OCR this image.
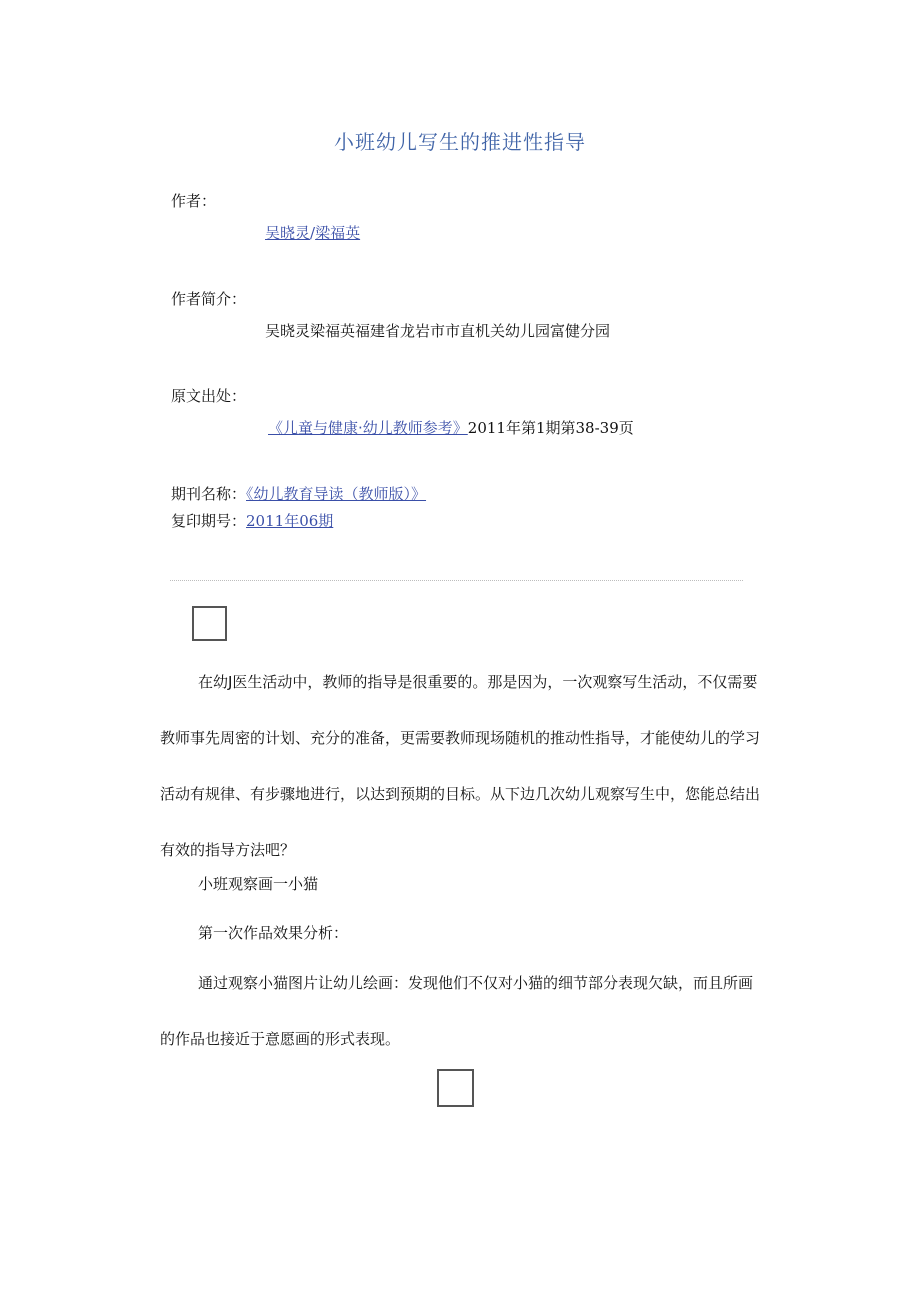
小班幼儿写生的推进性指导
作者：
吴晓灵/梁福英
作者简介：
吴晓灵梁福英福建省龙岩市市直机关幼儿园富健分园
原文出处：
《儿童与健康·幼儿教师参考》2011年第1期第38-39页
期刊名称：《幼儿教育导读（教师版）》
复印期号：2011年06期

在幼J医生活动中，教师的指导是很重要的。那是因为，一次观察写生活动，不仅需要教师事先周密的计划、充分的准备，更需要教师现场随机的推动性指导，才能使幼儿的学习活动有规律、有步骤地进行，以达到预期的目标。从下边几次幼儿观察写生中，您能总结出有效的指导方法吧？

小班观察画一小猫
第一次作品效果分析：

通过观察小猫图片让幼儿绘画：发现他们不仅对小猫的细节部分表现欠缺，而且所画的作品也接近于意愿画的形式表现。
